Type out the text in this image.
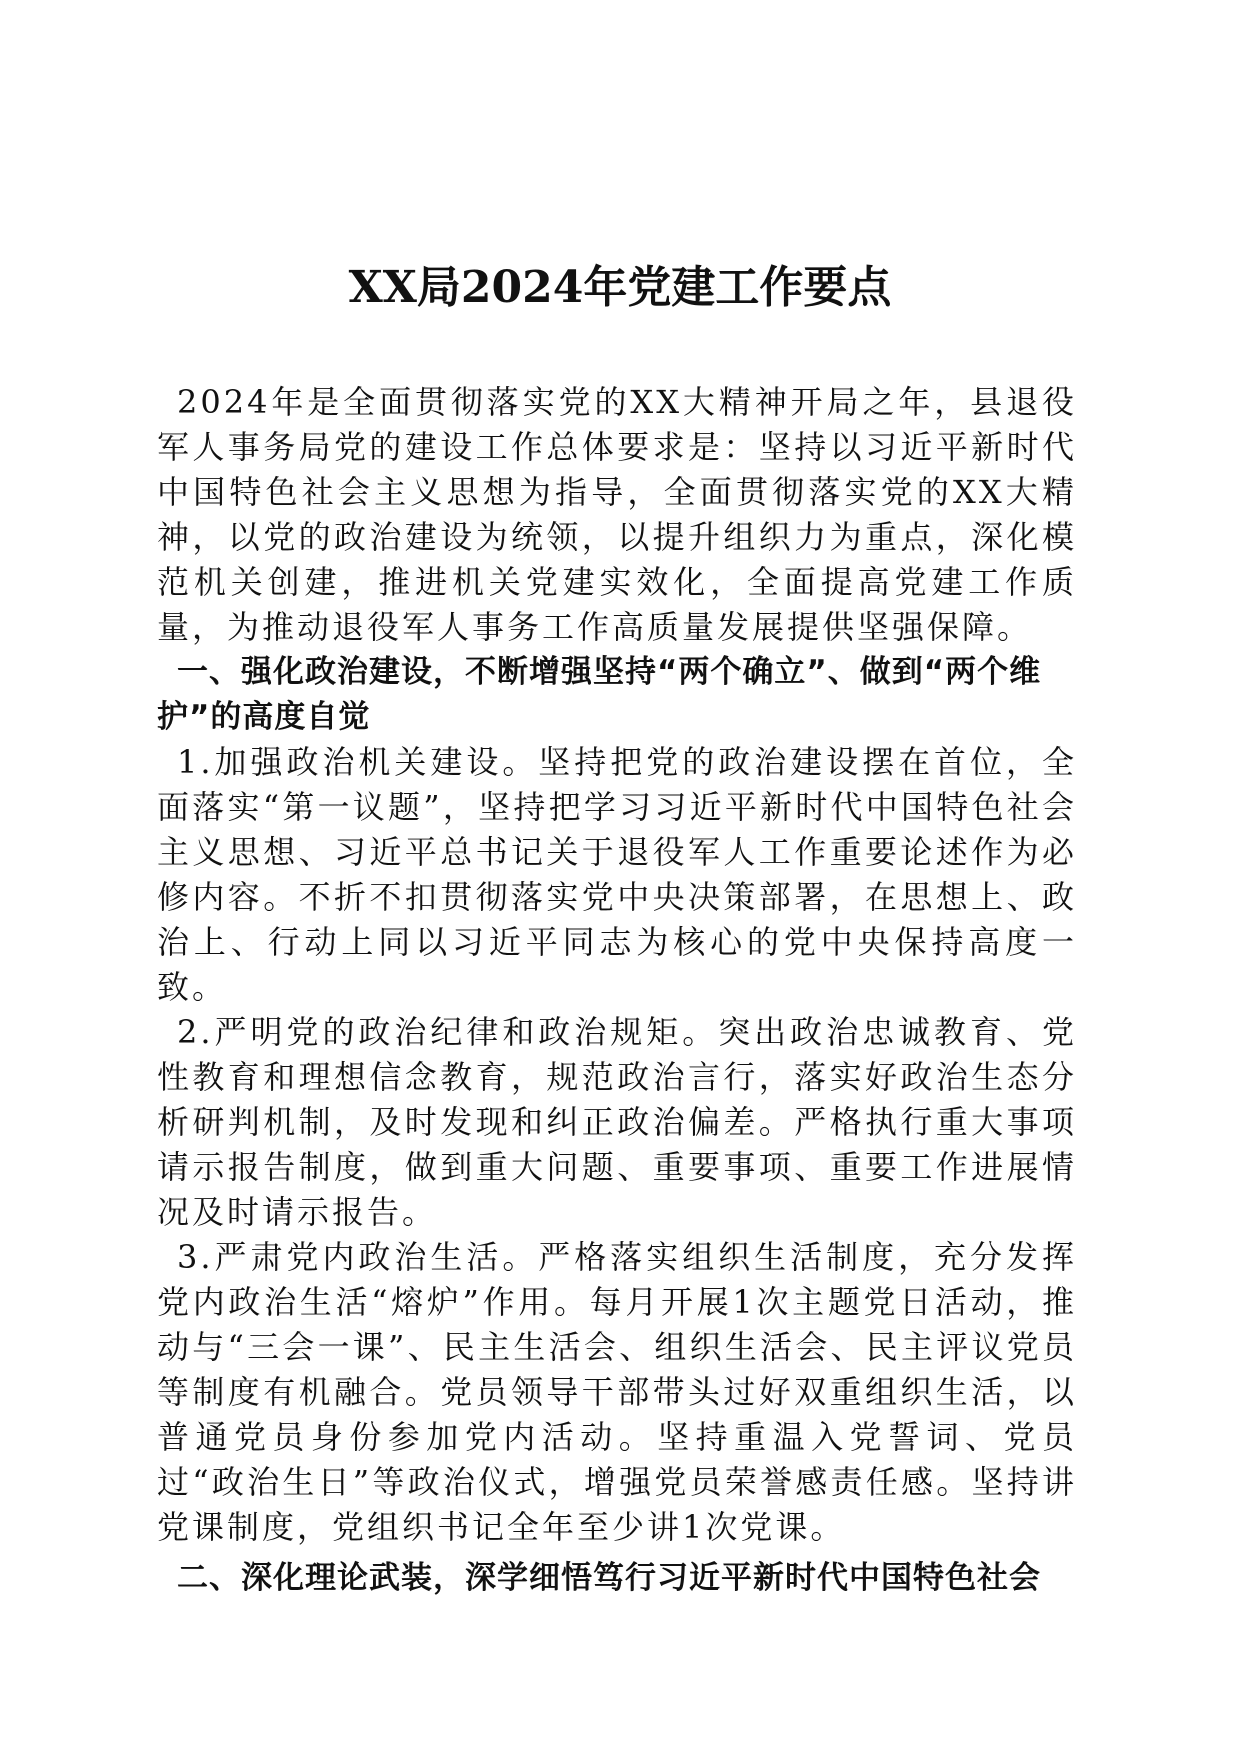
XX局2024年党建工作要点

2024年是全面贯彻落实党的XX大精神开局之年，县退役军人事务局党的建设工作总体要求是：坚持以习近平新时代中国特色社会主义思想为指导，全面贯彻落实党的XX大精神，以党的政治建设为统领，以提升组织力为重点，深化模范机关创建，推进机关党建实效化，全面提高党建工作质量，为推动退役军人事务工作高质量发展提供坚强保障。

一、强化政治建设，不断增强坚持“两个确立”、做到“两个维护”的高度自觉

1.加强政治机关建设。坚持把党的政治建设摆在首位，全面落实“第一议题”，坚持把学习习近平新时代中国特色社会主义思想、习近平总书记关于退役军人工作重要论述作为必修内容。不折不扣贯彻落实党中央决策部署，在思想上、政治上、行动上同以习近平同志为核心的党中央保持高度一致。

2.严明党的政治纪律和政治规矩。突出政治忠诚教育、党性教育和理想信念教育，规范政治言行，落实好政治生态分析研判机制，及时发现和纠正政治偏差。严格执行重大事项请示报告制度，做到重大问题、重要事项、重要工作进展情况及时请示报告。

3.严肃党内政治生活。严格落实组织生活制度，充分发挥党内政治生活“熔炉”作用。每月开展1次主题党日活动，推动与“三会一课”、民主生活会、组织生活会、民主评议党员等制度有机融合。党员领导干部带头过好双重组织生活，以普通党员身份参加党内活动。坚持重温入党誓词、党员过“政治生日”等政治仪式，增强党员荣誉感责任感。坚持讲党课制度，党组织书记全年至少讲1次党课。

二、深化理论武装，深学细悟笃行习近平新时代中国特色社会
